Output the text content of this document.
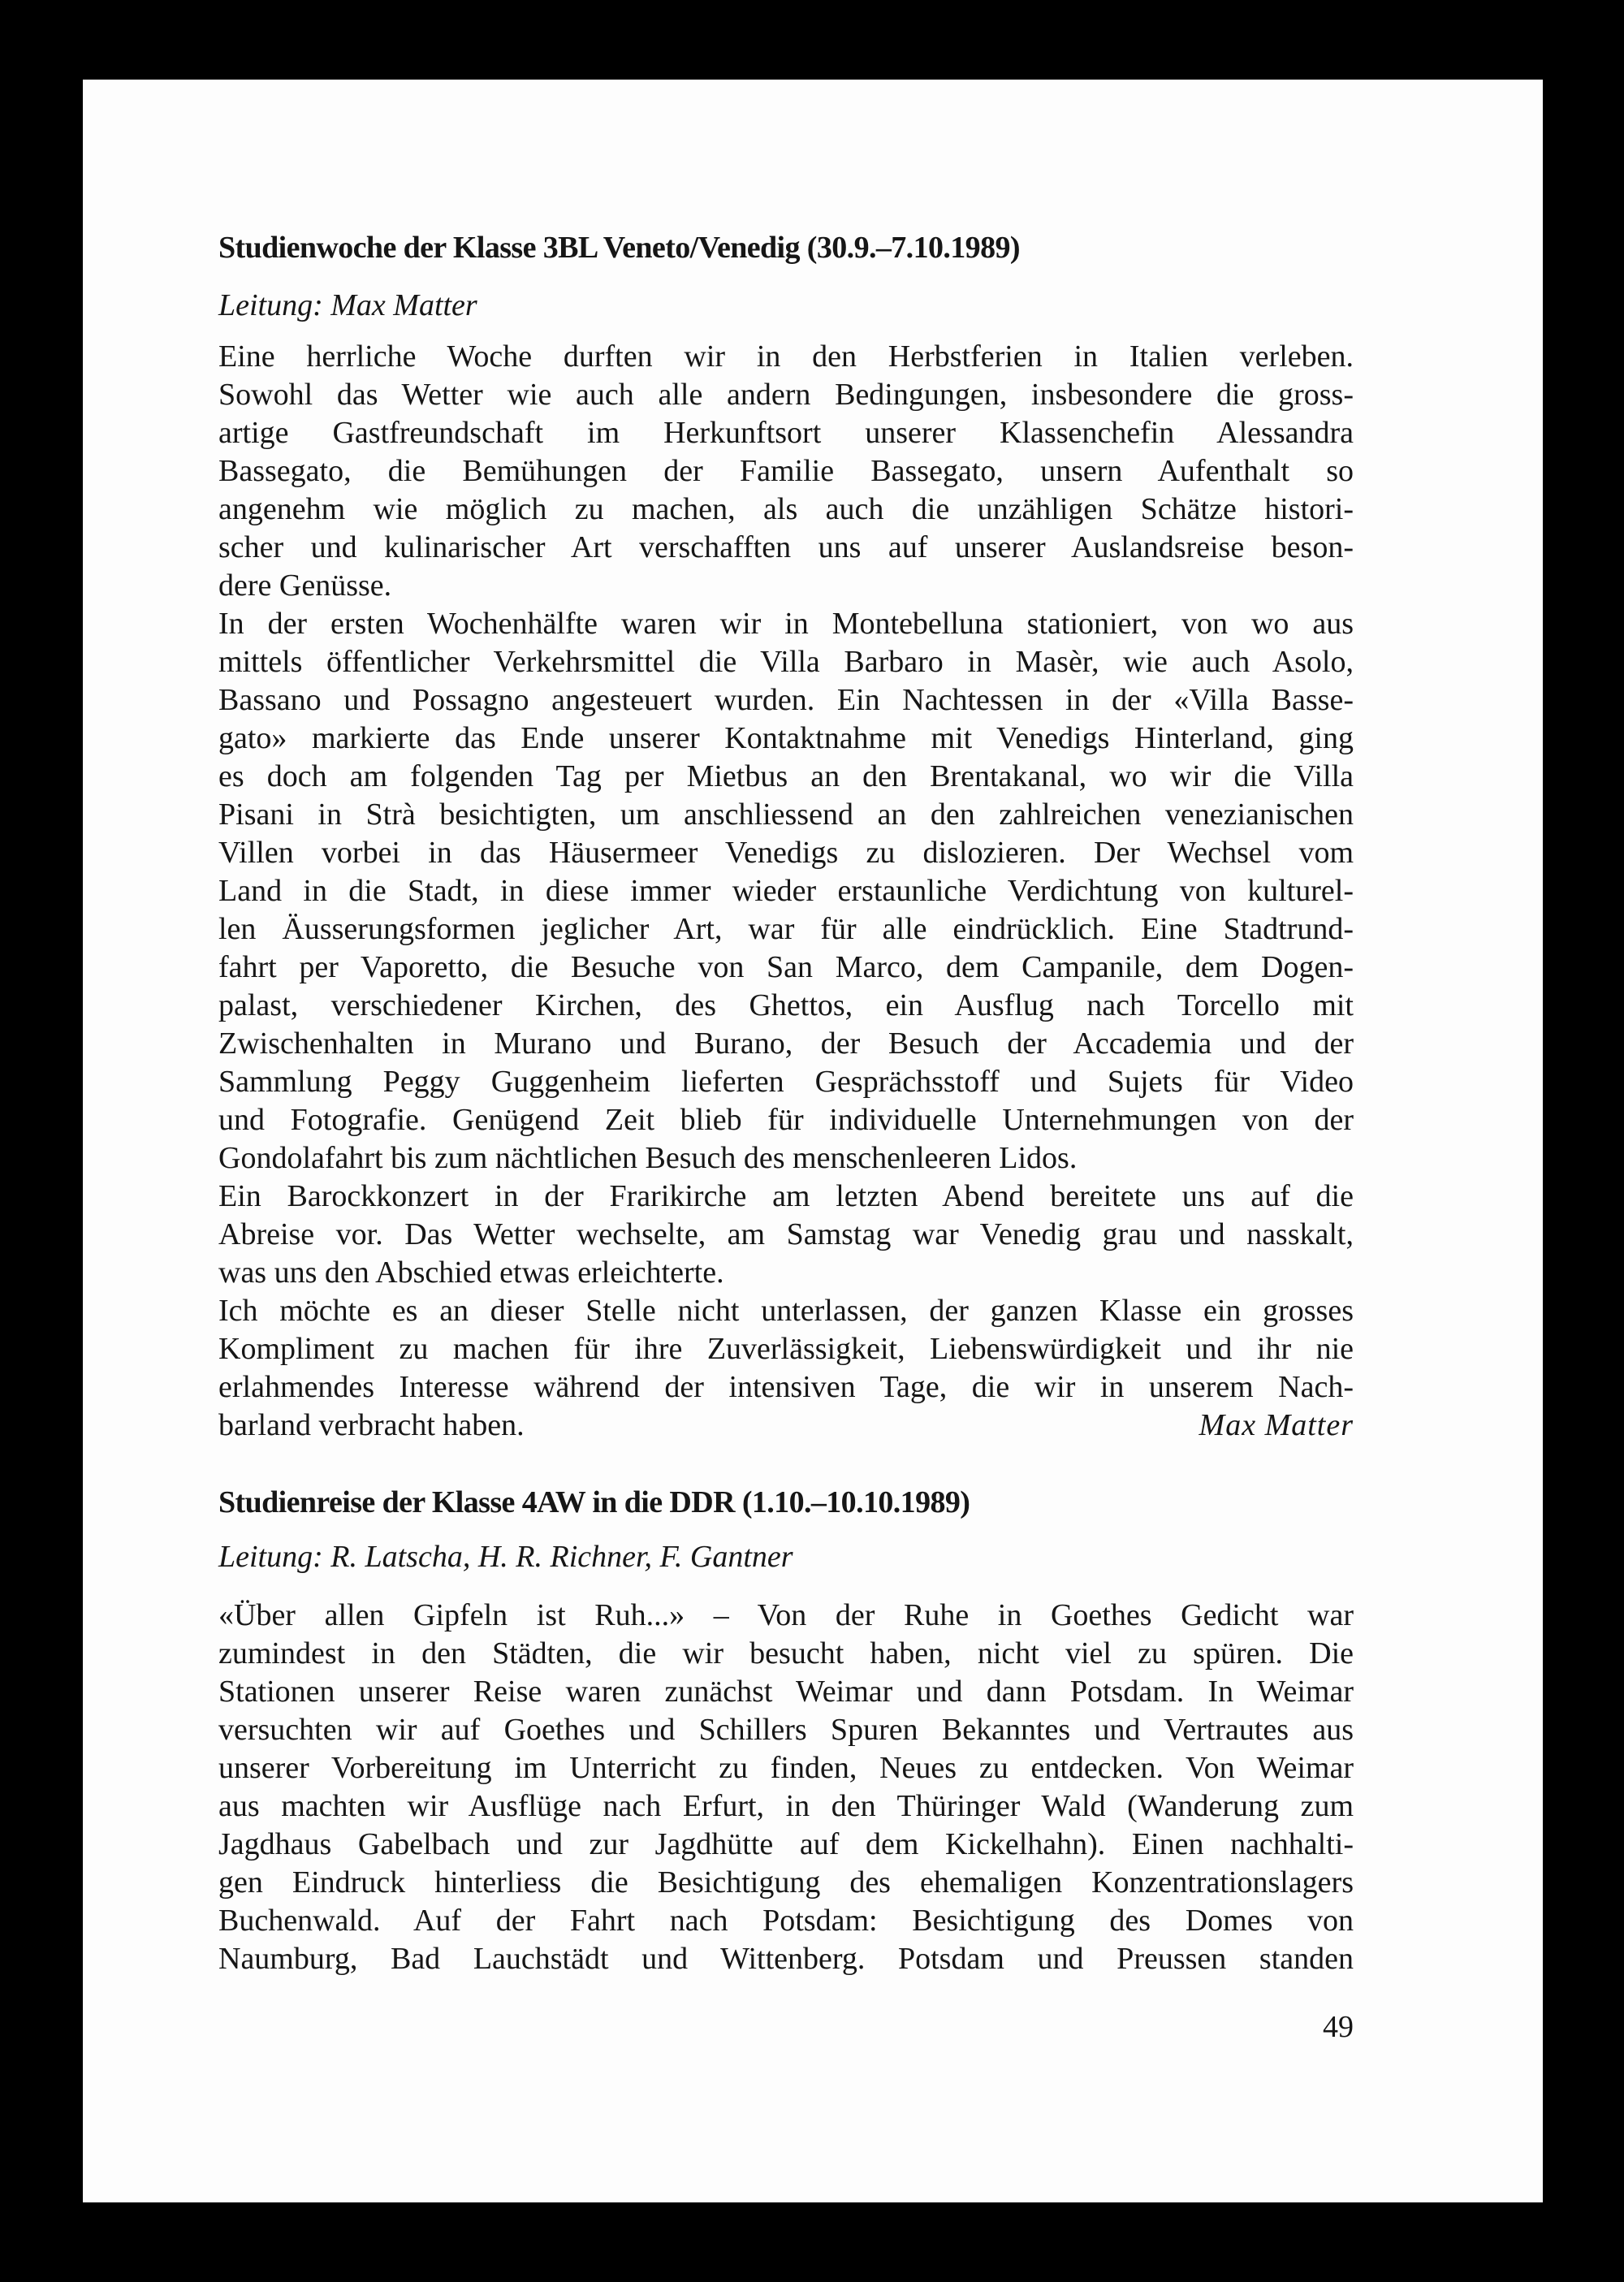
Studienwoche der Klasse 3BL Veneto/Venedig (30.9.–7.10.1989)
Leitung: Max Matter
Eine herrliche Woche durften wir in den Herbstferien in Italien verleben.
Sowohl das Wetter wie auch alle andern Bedingungen, insbesondere die gross-
artige Gastfreundschaft im Herkunftsort unserer Klassenchefin Alessandra
Bassegato, die Bemühungen der Familie Bassegato, unsern Aufenthalt so
angenehm wie möglich zu machen, als auch die unzähligen Schätze histori-
scher und kulinarischer Art verschafften uns auf unserer Auslandsreise beson-
dere Genüsse.
In der ersten Wochenhälfte waren wir in Montebelluna stationiert, von wo aus
mittels öffentlicher Verkehrsmittel die Villa Barbaro in Masèr, wie auch Asolo,
Bassano und Possagno angesteuert wurden. Ein Nachtessen in der «Villa Basse-
gato» markierte das Ende unserer Kontaktnahme mit Venedigs Hinterland, ging
es doch am folgenden Tag per Mietbus an den Brentakanal, wo wir die Villa
Pisani in Strà besichtigten, um anschliessend an den zahlreichen venezianischen
Villen vorbei in das Häusermeer Venedigs zu dislozieren. Der Wechsel vom
Land in die Stadt, in diese immer wieder erstaunliche Verdichtung von kulturel-
len Äusserungsformen jeglicher Art, war für alle eindrücklich. Eine Stadtrund-
fahrt per Vaporetto, die Besuche von San Marco, dem Campanile, dem Dogen-
palast, verschiedener Kirchen, des Ghettos, ein Ausflug nach Torcello mit
Zwischenhalten in Murano und Burano, der Besuch der Accademia und der
Sammlung Peggy Guggenheim lieferten Gesprächsstoff und Sujets für Video
und Fotografie. Genügend Zeit blieb für individuelle Unternehmungen von der
Gondolafahrt bis zum nächtlichen Besuch des menschenleeren Lidos.
Ein Barockkonzert in der Frarikirche am letzten Abend bereitete uns auf die
Abreise vor. Das Wetter wechselte, am Samstag war Venedig grau und nasskalt,
was uns den Abschied etwas erleichterte.
Ich möchte es an dieser Stelle nicht unterlassen, der ganzen Klasse ein grosses
Kompliment zu machen für ihre Zuverlässigkeit, Liebenswürdigkeit und ihr nie
erlahmendes Interesse während der intensiven Tage, die wir in unserem Nach-
barland verbracht haben.	Max Matter
Studienreise der Klasse 4AW in die DDR (1.10.–10.10.1989)
Leitung: R. Latscha, H. R. Richner, F. Gantner
«Über allen Gipfeln ist Ruh...» – Von der Ruhe in Goethes Gedicht war
zumindest in den Städten, die wir besucht haben, nicht viel zu spüren. Die
Stationen unserer Reise waren zunächst Weimar und dann Potsdam. In Weimar
versuchten wir auf Goethes und Schillers Spuren Bekanntes und Vertrautes aus
unserer Vorbereitung im Unterricht zu finden, Neues zu entdecken. Von Weimar
aus machten wir Ausflüge nach Erfurt, in den Thüringer Wald (Wanderung zum
Jagdhaus Gabelbach und zur Jagdhütte auf dem Kickelhahn). Einen nachhalti-
gen Eindruck hinterliess die Besichtigung des ehemaligen Konzentrationslagers
Buchenwald. Auf der Fahrt nach Potsdam: Besichtigung des Domes von
Naumburg, Bad Lauchstädt und Wittenberg. Potsdam und Preussen standen
49
